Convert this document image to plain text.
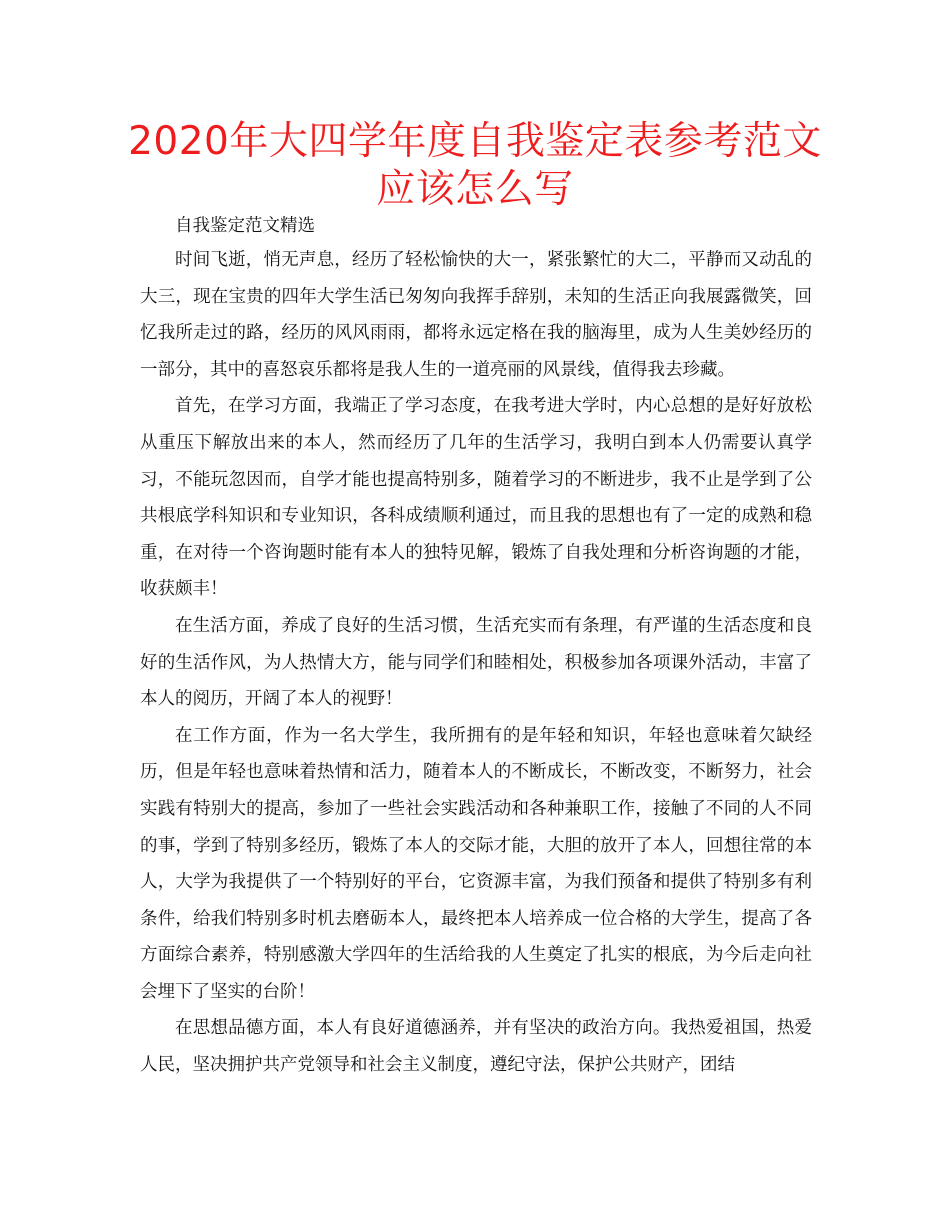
2020年大四学年度自我鉴定表参考范文应该怎么写

自我鉴定范文精选

时间飞逝，悄无声息，经历了轻松愉快的大一，紧张繁忙的大二，平静而又动乱的大三，现在宝贵的四年大学生活已匆匆向我挥手辞别，未知的生活正向我展露微笑，回忆我所走过的路，经历的风风雨雨，都将永远定格在我的脑海里，成为人生美妙经历的一部分，其中的喜怒哀乐都将是我人生的一道亮丽的风景线，值得我去珍藏。

首先，在学习方面，我端正了学习态度，在我考进大学时，内心总想的是好好放松从重压下解放出来的本人，然而经历了几年的生活学习，我明白到本人仍需要认真学习，不能玩忽因而，自学才能也提高特别多，随着学习的不断进步，我不止是学到了公共根底学科知识和专业知识，各科成绩顺利通过，而且我的思想也有了一定的成熟和稳重，在对待一个咨询题时能有本人的独特见解，锻炼了自我处理和分析咨询题的才能，收获颇丰！

在生活方面，养成了良好的生活习惯，生活充实而有条理，有严谨的生活态度和良好的生活作风，为人热情大方，能与同学们和睦相处，积极参加各项课外活动，丰富了本人的阅历，开阔了本人的视野！

在工作方面，作为一名大学生，我所拥有的是年轻和知识，年轻也意味着欠缺经历，但是年轻也意味着热情和活力，随着本人的不断成长，不断改变，不断努力，社会实践有特别大的提高，参加了一些社会实践活动和各种兼职工作，接触了不同的人不同的事，学到了特别多经历，锻炼了本人的交际才能，大胆的放开了本人，回想往常的本人，大学为我提供了一个特别好的平台，它资源丰富，为我们预备和提供了特别多有利条件，给我们特别多时机去磨砺本人，最终把本人培养成一位合格的大学生，提高了各方面综合素养，特别感激大学四年的生活给我的人生奠定了扎实的根底，为今后走向社会埋下了坚实的台阶！

在思想品德方面，本人有良好道德涵养，并有坚决的政治方向。我热爱祖国，热爱人民，坚决拥护共产党领导和社会主义制度，遵纪守法，保护公共财产，团结
